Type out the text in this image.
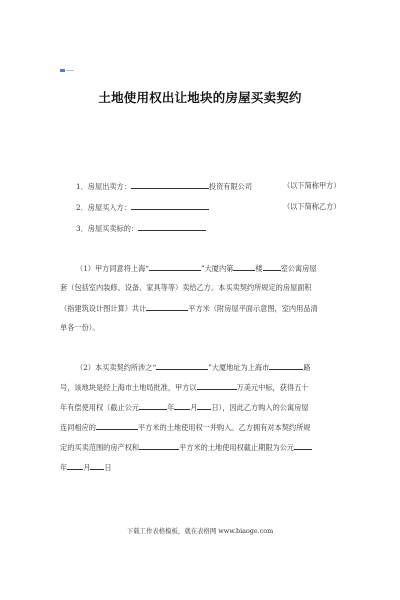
土地使用权出让地块的房屋买卖契约
1．房屋出卖方：	投资有限公司	（以下简称甲方）
2．房屋买入方：	（以下简称乙方）
3．房屋买卖标的：
（1）甲方同意将上海“	”大厦内第	楼	室公寓房屋
套（包括室内装修、设备、家具等等）卖给乙方。本买卖契约所规定的房屋面积
（指建筑设计图计算）共计	平方米（附房屋平面示意图，室内用品清
单各一份）。
（2）本买卖契约所涉之“	”大厦地址为上海市	路
号，该地块是经上海市土地局批准，甲方以	万美元中标，获得五十
年有偿使用权（截止公元	年 月 日），因此乙方购入的公寓房屋
连同相应的	平方米的土地使用权一并购入。乙方拥有对本契约所规
定的买卖范围的房产权和	平方米的土地使用权截止期限为公元
年 月 日
下载工作表格模板，就在表格网 www.biaoge.com
